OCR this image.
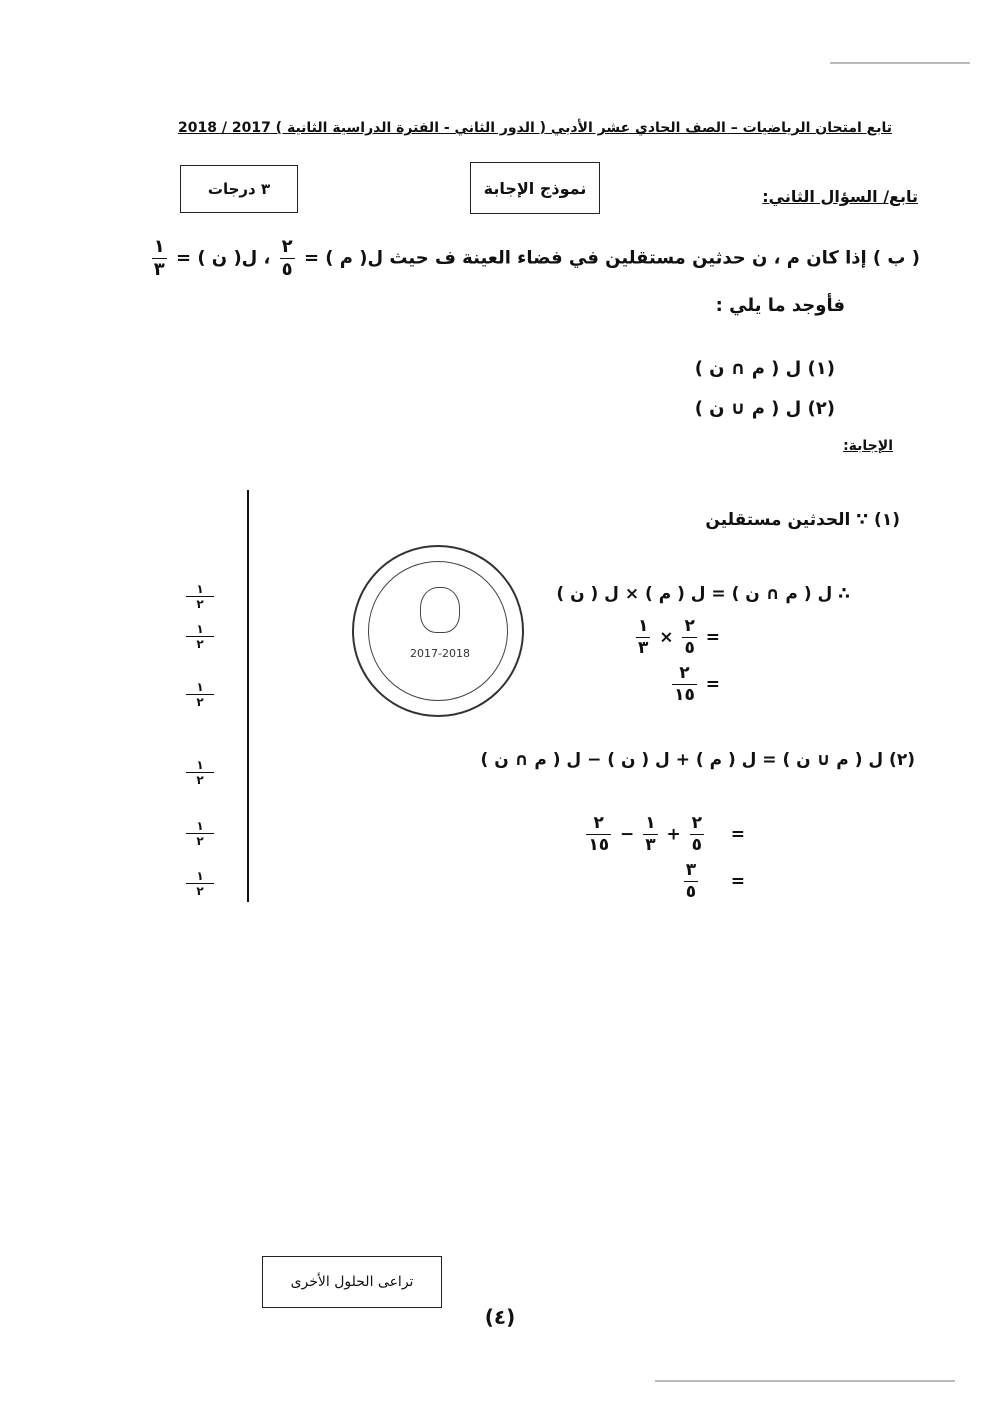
تابع امتحان الرياضيات – الصف الحادي عشر الأدبي ( الدور الثاني - الفترة الدراسية الثانية ) 2017 / 2018
٣ درجات	نموذج الإجابة	تابع/ السؤال الثاني:
( ب ) إذا كان م ، ن حدثين مستقلين في فضاء العينة ف حيث ل( م ) =
$\frac{٢}{٥}$
، ل( ن ) =
$\frac{١}{٣}$
فأوجد ما يلي :
(١) ل ( م ∩ ن )
(٢) ل ( م ∪ ن )
الإجابة:
١
٢
١
٢
١
٢
١
٢
١
٢
١
٢
2017-2018
(١) ∵ الحدثين مستقلين
∴ ل ( م ∩ ن ) = ل ( م ) × ل ( ن )
=
$\frac{٢}{٥}$
×
$\frac{١}{٣}$
=
$\frac{٢}{١٥}$
(٢) ل ( م ∪ ن ) = ل ( م ) + ل ( ن ) − ل ( م ∩ ن )
=
$\frac{٢}{٥}$
+
$\frac{١}{٣}$
−
$\frac{٢}{١٥}$
=
$\frac{٣}{٥}$
تراعى الحلول الأخرى
(٤)
